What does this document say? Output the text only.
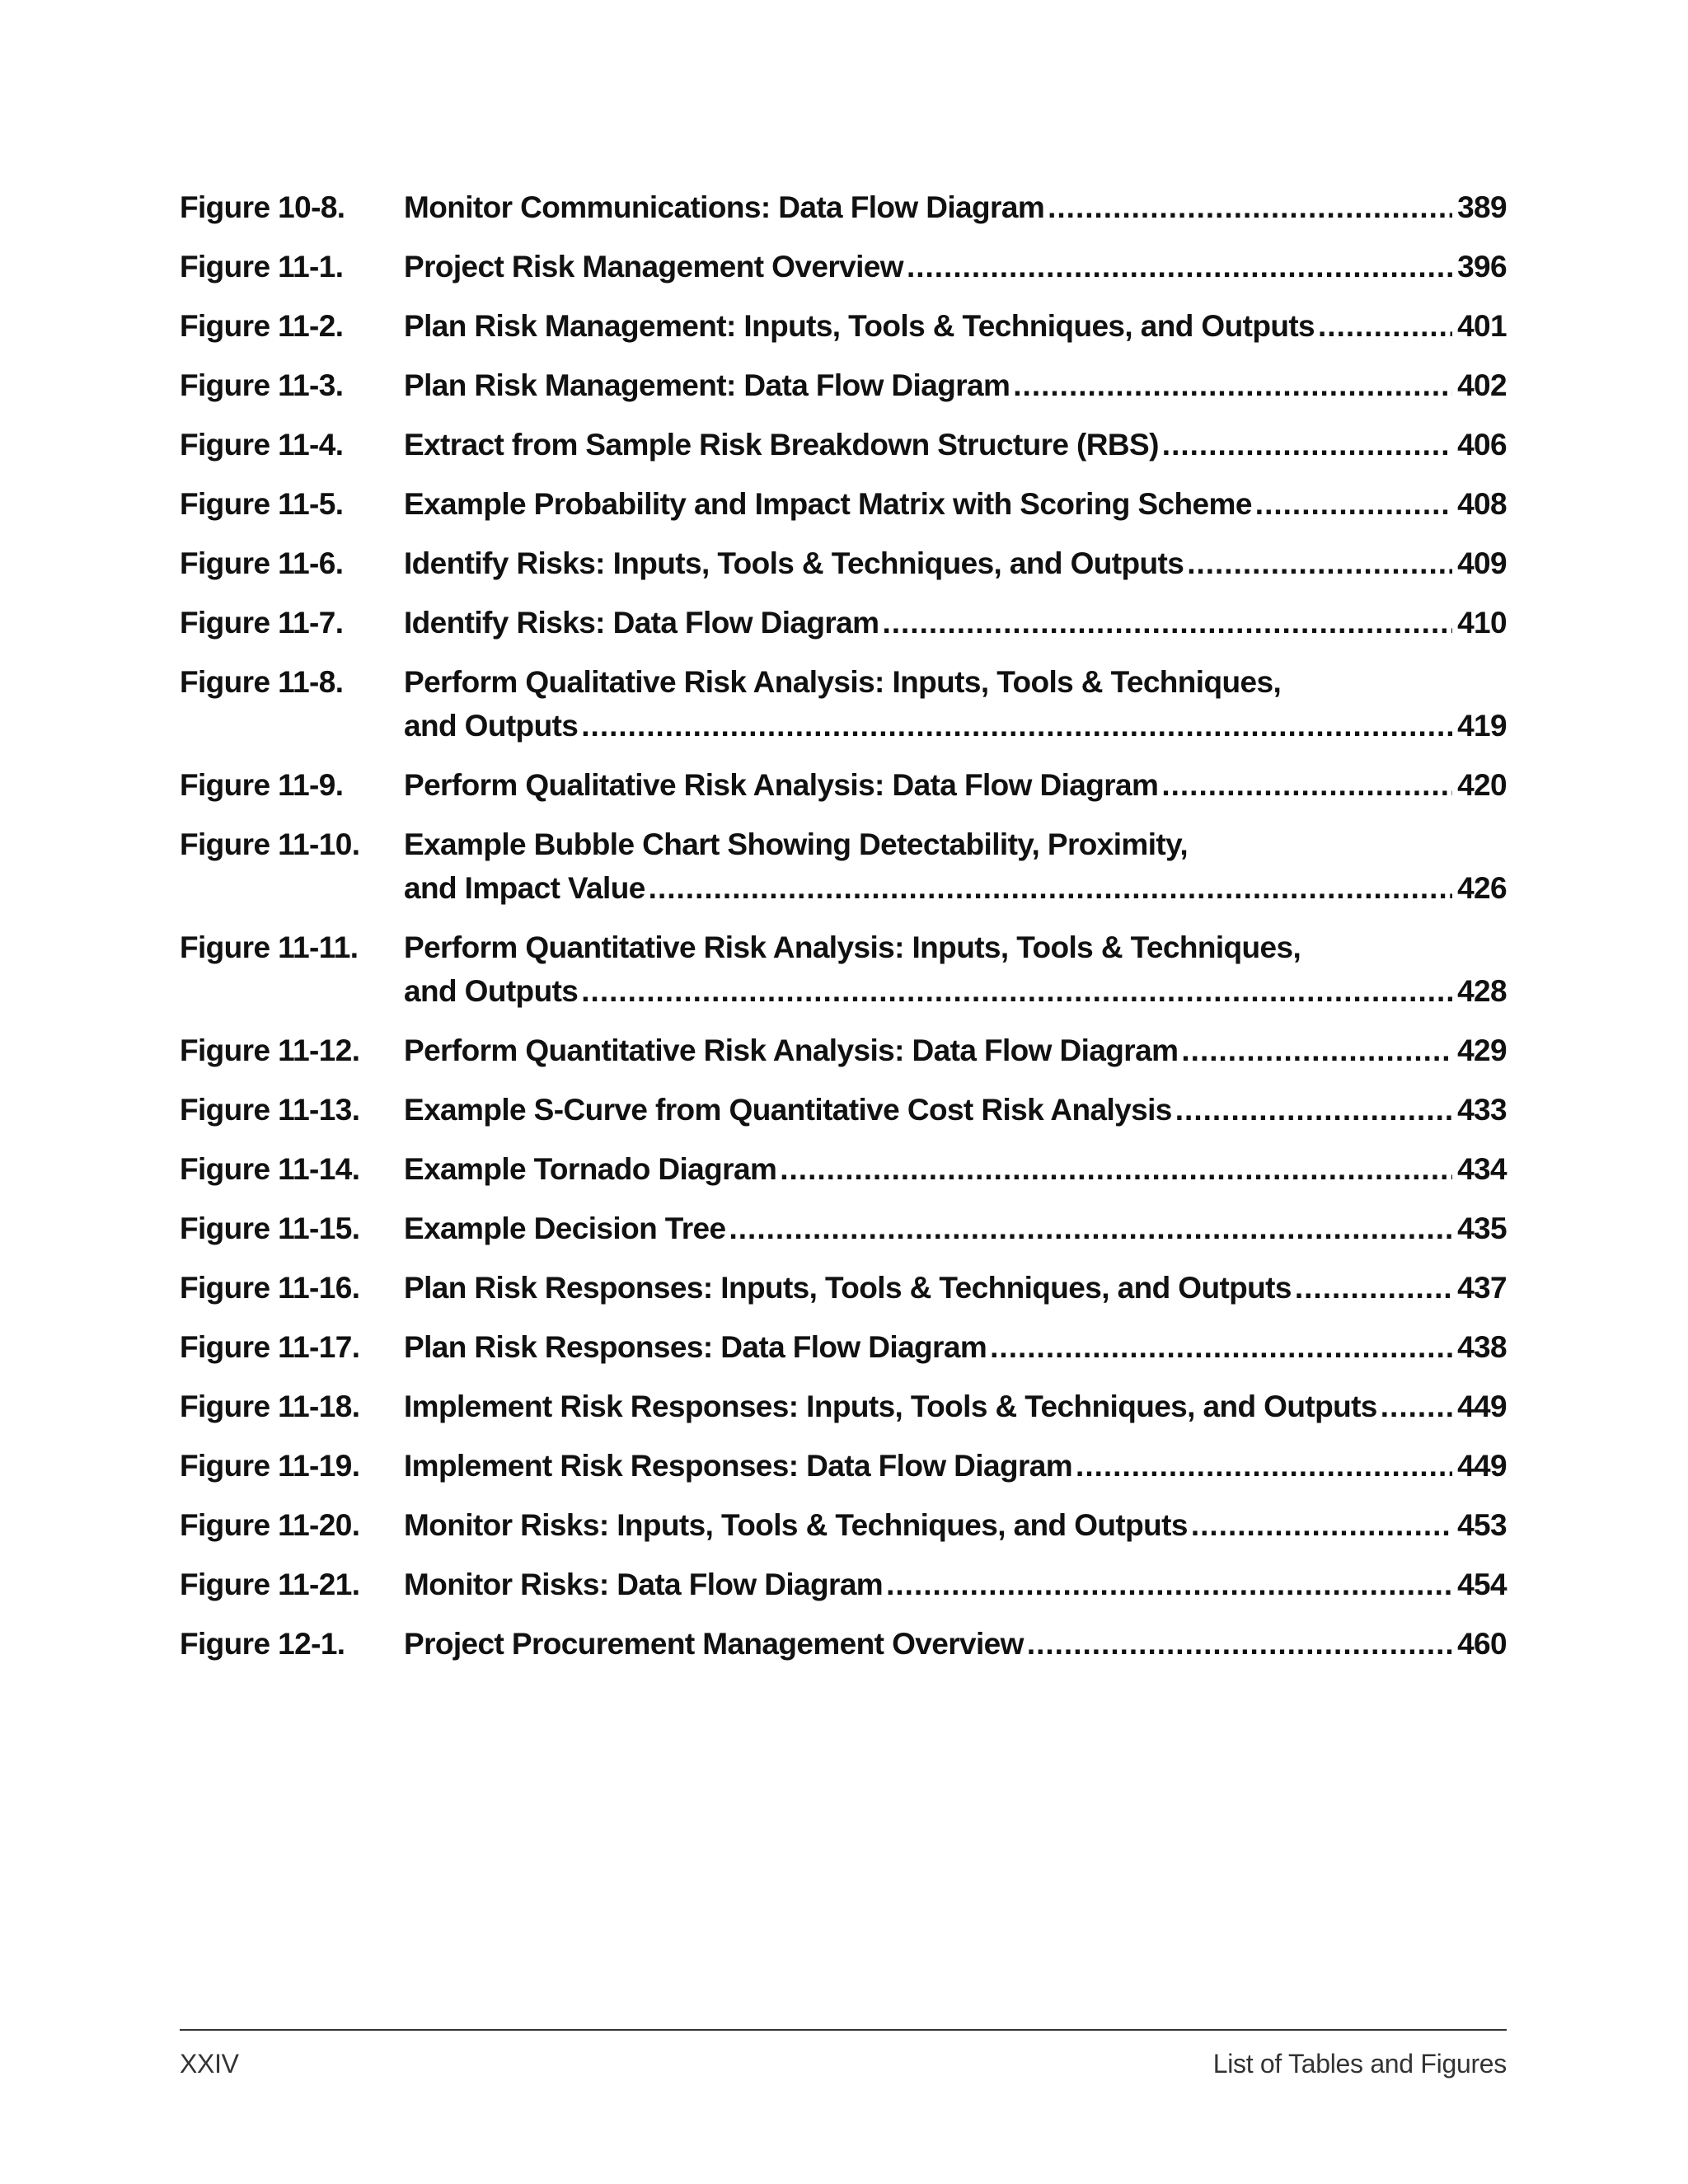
Figure 10-8.	Monitor Communications: Data Flow Diagram .....	389
Figure 11-1.	Project Risk Management Overview .....	396
Figure 11-2.	Plan Risk Management: Inputs, Tools & Techniques, and Outputs .....	401
Figure 11-3.	Plan Risk Management: Data Flow Diagram .....	402
Figure 11-4.	Extract from Sample Risk Breakdown Structure (RBS) .....	406
Figure 11-5.	Example Probability and Impact Matrix with Scoring Scheme .....	408
Figure 11-6.	Identify Risks: Inputs, Tools & Techniques, and Outputs .....	409
Figure 11-7.	Identify Risks: Data Flow Diagram .....	410
Figure 11-8.	Perform Qualitative Risk Analysis: Inputs, Tools & Techniques,
and Outputs .....	419
Figure 11-9.	Perform Qualitative Risk Analysis: Data Flow Diagram .....	420
Figure 11-10.	Example Bubble Chart Showing Detectability, Proximity,
and Impact Value .....	426
Figure 11-11.	Perform Quantitative Risk Analysis: Inputs, Tools & Techniques,
and Outputs .....	428
Figure 11-12.	Perform Quantitative Risk Analysis: Data Flow Diagram .....	429
Figure 11-13.	Example S-Curve from Quantitative Cost Risk Analysis .....	433
Figure 11-14.	Example Tornado Diagram .....	434
Figure 11-15.	Example Decision Tree .....	435
Figure 11-16.	Plan Risk Responses: Inputs, Tools & Techniques, and Outputs .....	437
Figure 11-17.	Plan Risk Responses: Data Flow Diagram .....	438
Figure 11-18.	Implement Risk Responses: Inputs, Tools & Techniques, and Outputs .....	449
Figure 11-19.	Implement Risk Responses: Data Flow Diagram .....	449
Figure 11-20.	Monitor Risks: Inputs, Tools & Techniques, and Outputs .....	453
Figure 11-21.	Monitor Risks: Data Flow Diagram .....	454
Figure 12-1.	Project Procurement Management Overview .....	460
XXIV	List of Tables and Figures
